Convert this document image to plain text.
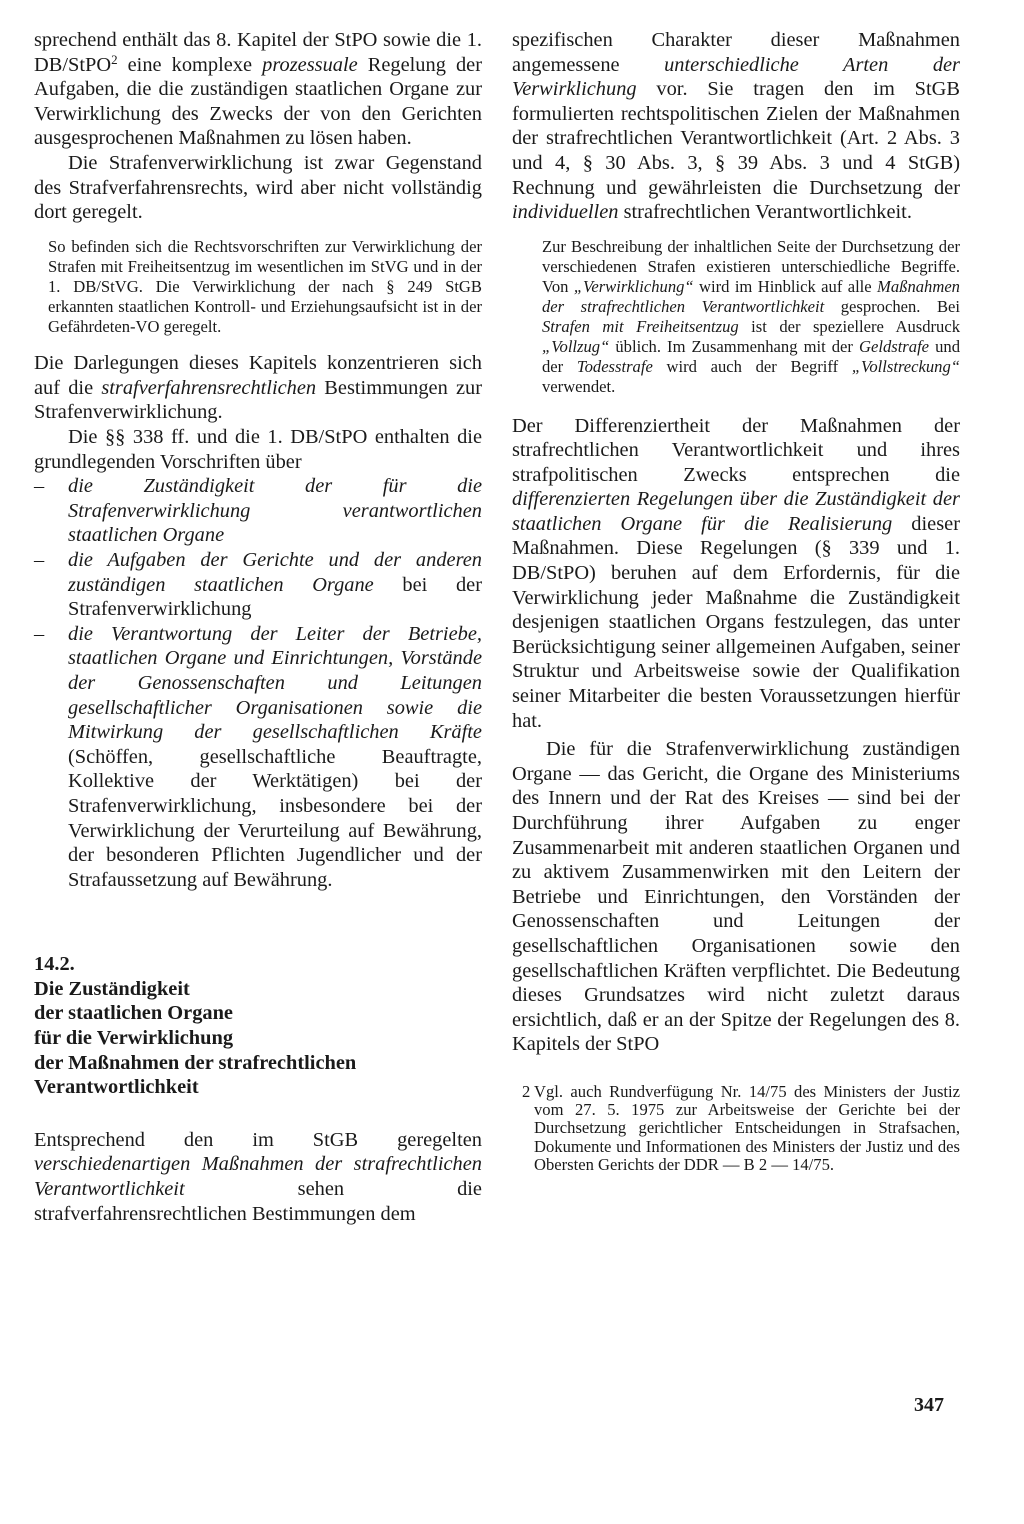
sprechend enthält das 8. Kapitel der StPO sowie die 1. DB/StPO$^2$ eine komplexe prozessuale Regelung der Aufgaben, die die zuständigen staatlichen Organe zur Verwirklichung des Zwecks der von den Gerichten ausgesprochenen Maßnahmen zu lösen haben.

Die Strafenverwirklichung ist zwar Gegenstand des Strafverfahrensrechts, wird aber nicht vollständig dort geregelt.

So befinden sich die Rechtsvorschriften zur Verwirklichung der Strafen mit Freiheitsentzug im wesentlichen im StVG und in der 1. DB/StVG. Die Verwirklichung der nach § 249 StGB erkannten staatlichen Kontroll- und Erziehungsaufsicht ist in der Gefährdeten-VO geregelt.

Die Darlegungen dieses Kapitels konzentrieren sich auf die strafverfahrensrechtlichen Bestimmungen zur Strafenverwirklichung.

Die §§ 338 ff. und die 1. DB/StPO enthalten die grundlegenden Vorschriften über

– die Zuständigkeit der für die Strafenverwirklichung verantwortlichen staatlichen Organe
– die Aufgaben der Gerichte und der anderen zuständigen staatlichen Organe bei der Strafenverwirklichung
– die Verantwortung der Leiter der Betriebe, staatlichen Organe und Einrichtungen, Vorstände der Genossenschaften und Leitungen gesellschaftlicher Organisationen sowie die Mitwirkung der gesellschaftlichen Kräfte (Schöffen, gesellschaftliche Beauftragte, Kollektive der Werktätigen) bei der Strafenverwirklichung, insbesondere bei der Verwirklichung der Verurteilung auf Bewährung, der besonderen Pflichten Jugendlicher und der Strafaussetzung auf Bewährung.
14.2.
Die Zuständigkeit
der staatlichen Organe
für die Verwirklichung
der Maßnahmen der strafrechtlichen
Verantwortlichkeit

Entsprechend den im StGB geregelten verschiedenartigen Maßnahmen der strafrechtlichen Verantwortlichkeit sehen die strafverfahrensrechtlichen Bestimmungen dem

spezifischen Charakter dieser Maßnahmen angemessene unterschiedliche Arten der Verwirklichung vor. Sie tragen den im StGB formulierten rechtspolitischen Zielen der Maßnahmen der strafrechtlichen Verantwortlichkeit (Art. 2 Abs. 3 und 4, § 30 Abs. 3, § 39 Abs. 3 und 4 StGB) Rechnung und gewährleisten die Durchsetzung der individuellen strafrechtlichen Verantwortlichkeit.

Zur Beschreibung der inhaltlichen Seite der Durchsetzung der verschiedenen Strafen existieren unterschiedliche Begriffe. Von „Verwirklichung“ wird im Hinblick auf alle Maßnahmen der strafrechtlichen Verantwortlichkeit gesprochen. Bei Strafen mit Freiheitsentzug ist der speziellere Ausdruck „Vollzug“ üblich. Im Zusammenhang mit der Geldstrafe und der Todesstrafe wird auch der Begriff „Vollstreckung“ verwendet.

Der Differenziertheit der Maßnahmen der strafrechtlichen Verantwortlichkeit und ihres strafpolitischen Zwecks entsprechen die differenzierten Regelungen über die Zuständigkeit der staatlichen Organe für die Realisierung dieser Maßnahmen. Diese Regelungen (§ 339 und 1. DB/StPO) beruhen auf dem Erfordernis, für die Verwirklichung jeder Maßnahme die Zuständigkeit desjenigen staatlichen Organs festzulegen, das unter Berücksichtigung seiner allgemeinen Aufgaben, seiner Struktur und Arbeitsweise sowie der Qualifikation seiner Mitarbeiter die besten Voraussetzungen hierfür hat.

Die für die Strafenverwirklichung zuständigen Organe — das Gericht, die Organe des Ministeriums des Innern und der Rat des Kreises — sind bei der Durchführung ihrer Aufgaben zu enger Zusammenarbeit mit anderen staatlichen Organen und zu aktivem Zusammenwirken mit den Leitern der Betriebe und Einrichtungen, den Vorständen der Genossenschaften und Leitungen der gesellschaftlichen Organisationen sowie den gesellschaftlichen Kräften verpflichtet. Die Bedeutung dieses Grundsatzes wird nicht zuletzt daraus ersichtlich, daß er an der Spitze der Regelungen des 8. Kapitels der StPO

2 Vgl. auch Rundverfügung Nr. 14/75 des Ministers der Justiz vom 27. 5. 1975 zur Arbeitsweise der Gerichte bei der Durchsetzung gerichtlicher Entscheidungen in Strafsachen, Dokumente und Informationen des Ministers der Justiz und des Obersten Gerichts der DDR — B 2 — 14/75.
347
